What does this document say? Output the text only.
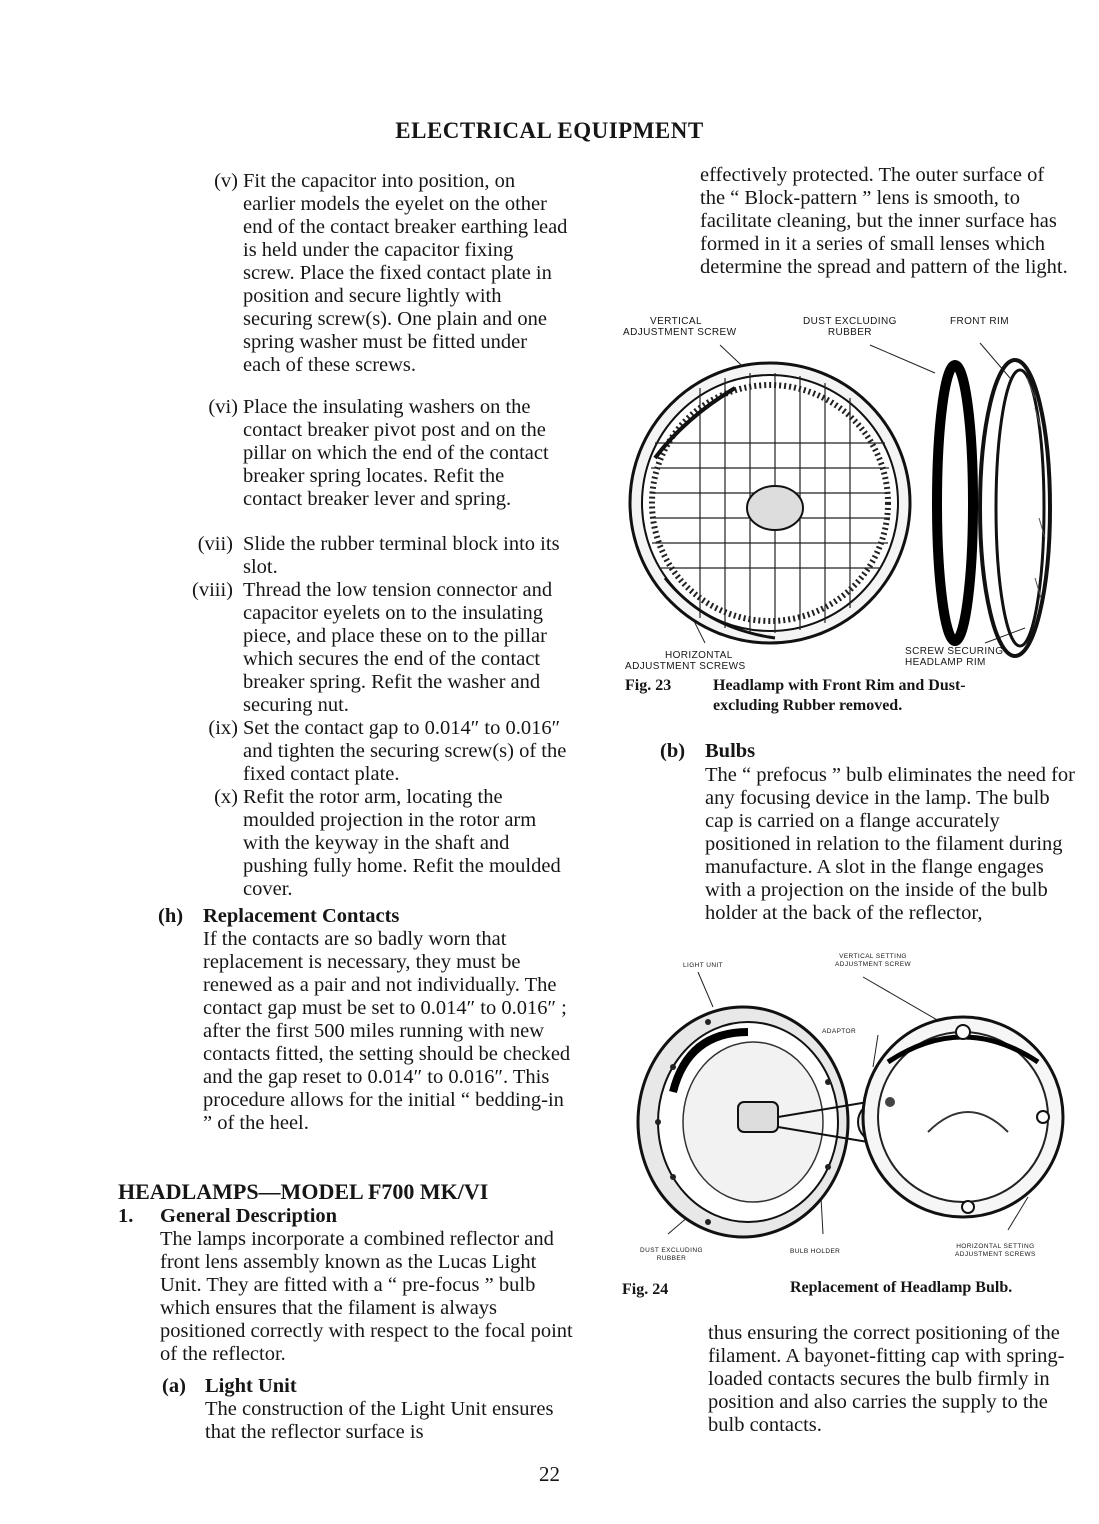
ELECTRICAL EQUIPMENT
(v) Fit the capacitor into position, on earlier models the eyelet on the other end of the contact breaker earthing lead is held under the capacitor fixing screw. Place the fixed contact plate in position and secure lightly with securing screw(s). One plain and one spring washer must be fitted under each of these screws.
(vi) Place the insulating washers on the contact breaker pivot post and on the pillar on which the end of the contact breaker spring locates. Refit the contact breaker lever and spring.
(vii) Slide the rubber terminal block into its slot.
(viii) Thread the low tension connector and capacitor eyelets on to the insulating piece, and place these on to the pillar which secures the end of the contact breaker spring. Refit the washer and securing nut.
(ix) Set the contact gap to 0.014″ to 0.016″ and tighten the securing screw(s) of the fixed contact plate.
(x) Refit the rotor arm, locating the moulded projection in the rotor arm with the keyway in the shaft and pushing fully home. Refit the moulded cover.
(h) Replacement Contacts
If the contacts are so badly worn that replacement is necessary, they must be renewed as a pair and not individually. The contact gap must be set to 0.014″ to 0.016″ ; after the first 500 miles running with new contacts fitted, the setting should be checked and the gap reset to 0.014″ to 0.016″. This procedure allows for the initial “ bedding-in ” of the heel.
HEADLAMPS—MODEL F700 MK/VI
1. General Description
The lamps incorporate a combined reflector and front lens assembly known as the Lucas Light Unit. They are fitted with a “ pre-focus ” bulb which ensures that the filament is always positioned correctly with respect to the focal point of the reflector.
(a) Light Unit
The construction of the Light Unit ensures that the reflector surface is
effectively protected. The outer surface of the “ Block-pattern ” lens is smooth, to facilitate cleaning, but the inner surface has formed in it a series of small lenses which determine the spread and pattern of the light.
VERTICAL
ADJUSTMENT SCREW
DUST EXCLUDING
RUBBER
FRONT RIM
HORIZONTAL
ADJUSTMENT SCREWS
SCREW SECURING
HEADLAMP RIM
Fig. 23	Headlamp with Front Rim and Dust-
excluding Rubber removed.
(b) Bulbs
The “ prefocus ” bulb eliminates the need for any focusing device in the lamp. The bulb cap is carried on a flange accurately positioned in relation to the filament during manufacture. A slot in the flange engages with a projection on the inside of the bulb holder at the back of the reflector,
LIGHT UNIT
VERTICAL SETTING
ADJUSTMENT SCREW
ADAPTOR
DUST EXCLUDING
RUBBER
BULB HOLDER
HORIZONTAL SETTING
ADJUSTMENT SCREWS
Fig. 24	Replacement of Headlamp Bulb.
thus ensuring the correct positioning of the filament. A bayonet-fitting cap with spring-loaded contacts secures the bulb firmly in position and also carries the supply to the bulb contacts.
22
